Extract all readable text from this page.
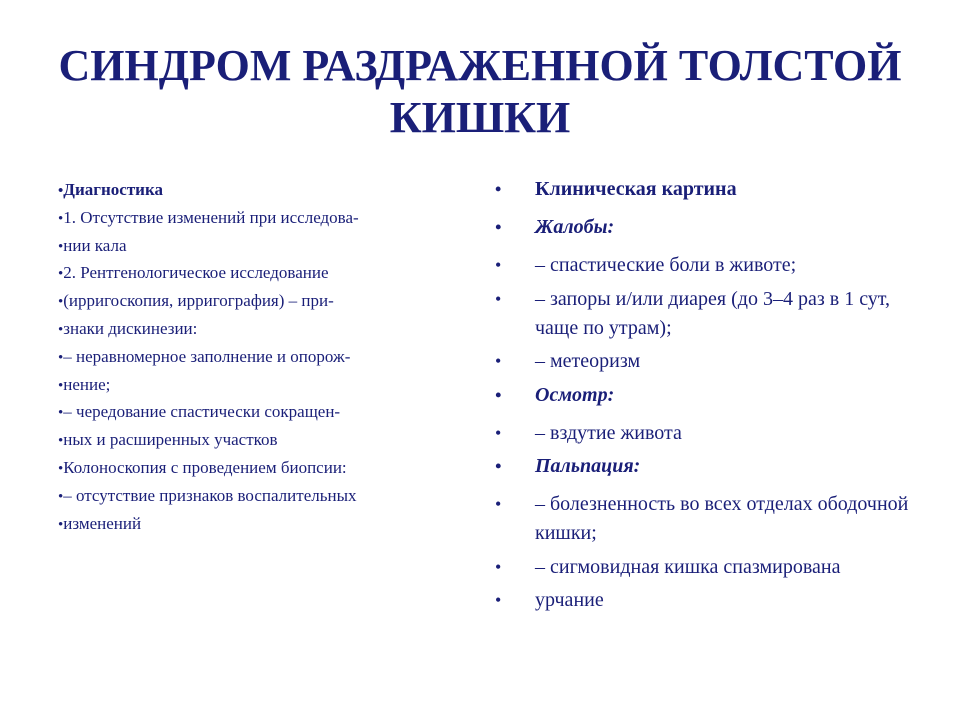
СИНДРОМ РАЗДРАЖЕННОЙ ТОЛСТОЙ КИШКИ
•Диагностика
•1. Отсутствие изменений при исследова-
•нии кала
•2. Рентгенологическое исследование
•(ирригоскопия, ирригография) – при-
•знаки дискинезии:
•– неравномерное заполнение и опорож-
•нение;
•– чередование спастически сокращен-
•ных и расширенных участков
•Колоноскопия с проведением биопсии:
•– отсутствие признаков воспалительных
•изменений
• Клиническая картина
• Жалобы:
• – спастические боли в животе;
• – запоры и/или диарея (до 3–4 раз в 1 сут, чаще по утрам);
• – метеоризм
• Осмотр:
• – вздутие живота
• Пальпация:
• – болезненность во всех отделах ободочной кишки;
• – сигмовидная кишка спазмирована
• урчание
